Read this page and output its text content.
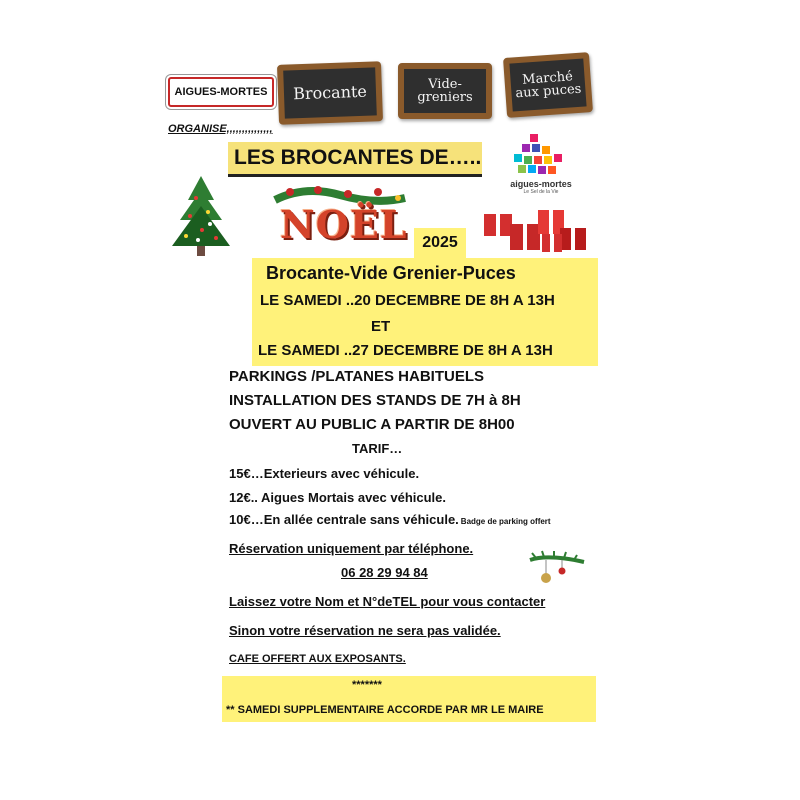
AIGUES-MORTES	Brocante	Vide-greniers
Marché aux puces
ORGANISE,,,,,,,,,,,,,,,
LES BROCANTES DE…..
aigues-mortes
Le Sel de la Vie
NOËL 2025
Brocante-Vide Grenier-Puces
LE SAMEDI ..20 DECEMBRE DE 8H A 13H
ET
LE SAMEDI ..27 DECEMBRE DE 8H A 13H
PARKINGS /PLATANES HABITUELS
INSTALLATION DES STANDS DE 7H à 8H
OUVERT AU PUBLIC A PARTIR DE 8H00
TARIF…
15€…Exterieurs avec véhicule.
12€.. Aigues Mortais avec véhicule.
10€…En allée centrale sans véhicule. Badge de parking offert
Réservation uniquement par téléphone.
06 28 29 94 84
Laissez votre Nom et N°deTEL pour vous contacter
Sinon votre réservation ne sera pas validée.
CAFE OFFERT AUX EXPOSANTS.
*******
** SAMEDI SUPPLEMENTAIRE ACCORDE PAR MR LE MAIRE
